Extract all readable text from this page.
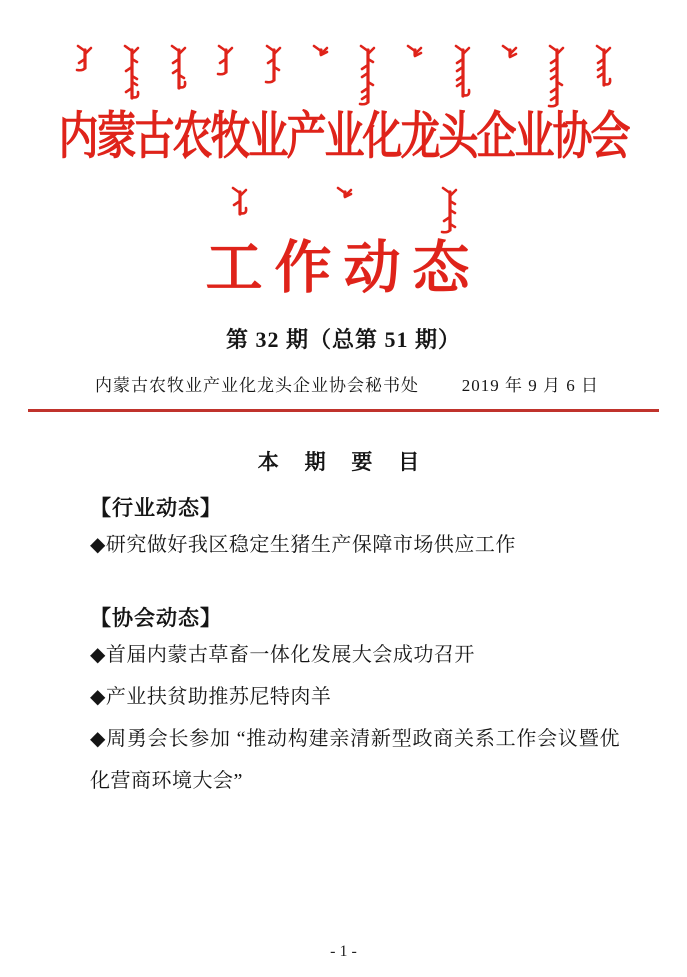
内蒙古农牧业产业化龙头企业协会
工作动态
第 32 期（总第 51 期）
内蒙古农牧业产业化龙头企业协会秘书处	2019 年 9 月 6 日
本 期 要 目
【行业动态】

◆研究做好我区稳定生猪生产保障市场供应工作

【协会动态】

◆首届内蒙古草畜一体化发展大会成功召开

◆产业扶贫助推苏尼特肉羊

◆周勇会长参加 “推动构建亲清新型政商关系工作会议暨优化营商环境大会”

- 1 -
